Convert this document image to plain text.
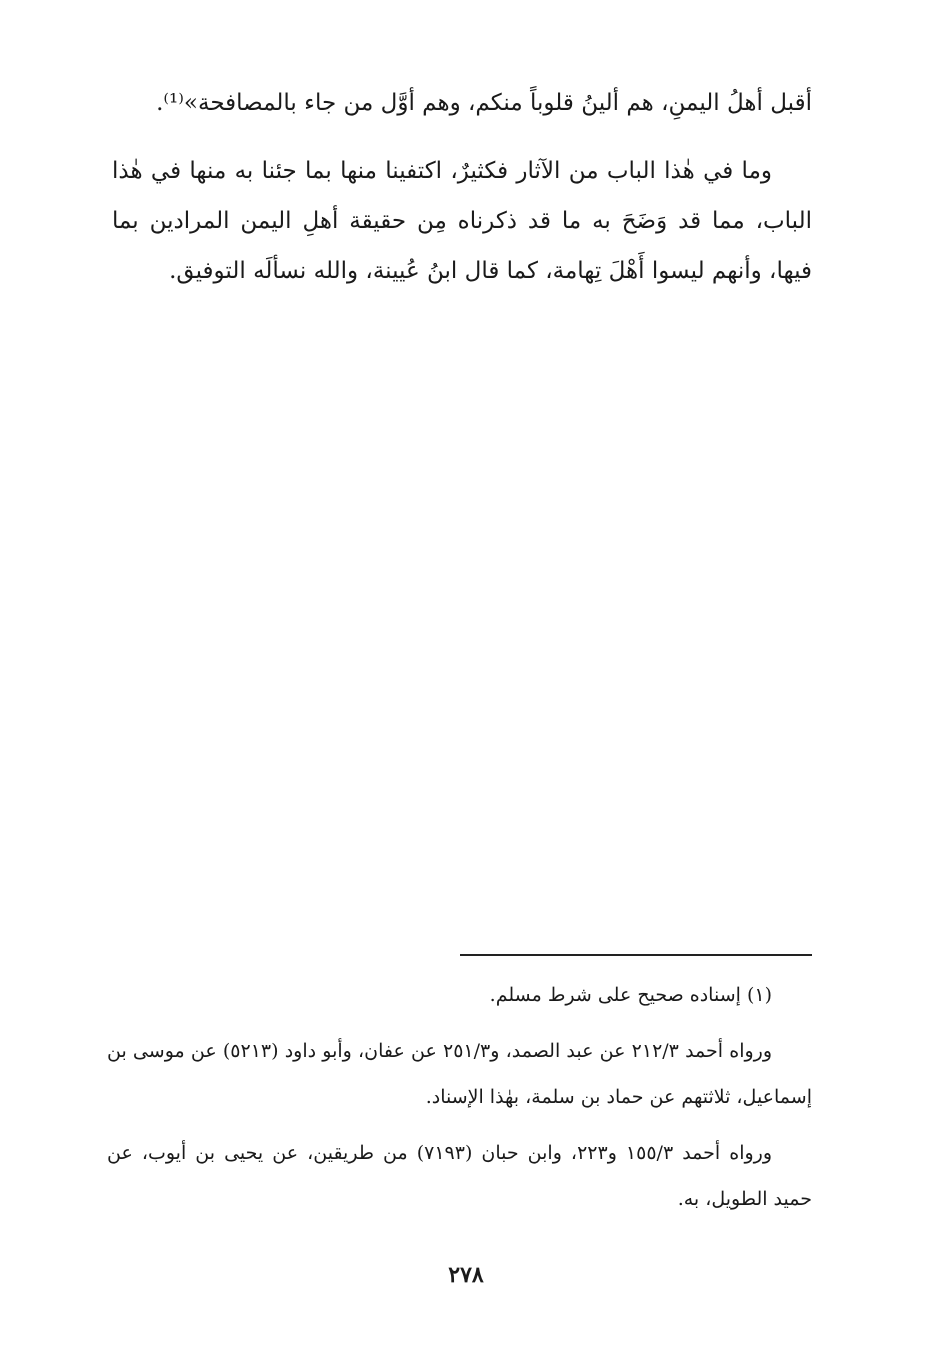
أقبل أهلُ اليمنِ، هم ألينُ قلوباً منكم، وهم أوَّل من جاء بالمصافحة»⁽¹⁾.

وما في هٰذا الباب من الآثار فكثيرٌ، اكتفينا منها بما جئنا به منها في هٰذا الباب، مما قد وَضَحَ به ما قد ذكرناه مِن حقيقة أهلِ اليمن المرادين بما فيها، وأنهم ليسوا أَهْلَ تِهامة، كما قال ابنُ عُيينة، والله نسألَه التوفيق.

(١) إسناده صحيح على شرط مسلم.

ورواه أحمد ٢١٢/٣ عن عبد الصمد، و٢٥١/٣ عن عفان، وأبو داود (٥٢١٣) عن موسى بن إسماعيل، ثلاثتهم عن حماد بن سلمة، بهٰذا الإسناد.

ورواه أحمد ١٥٥/٣ و٢٢٣، وابن حبان (٧١٩٣) من طريقين، عن يحيى بن أيوب، عن حميد الطويل، به.

٢٧٨
